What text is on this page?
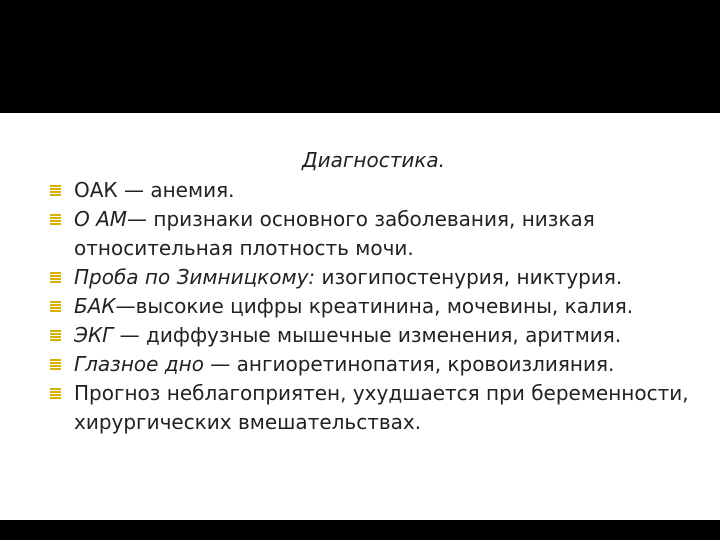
Диагностика.
ОАК — анемия.
О АМ— признаки основного заболевания, низкая относительная плотность мочи.
Проба по Зимницкому: изогипостенурия, никтурия.
БАК—высокие цифры креатинина, мочевины, калия.
ЭКГ — диффузные мышечные изменения, аритмия.
Глазное дно — ангиоретинопатия, кровоизлияния.
Прогноз неблагоприятен, ухудшается при беременности, хирургических вмешательствах.
